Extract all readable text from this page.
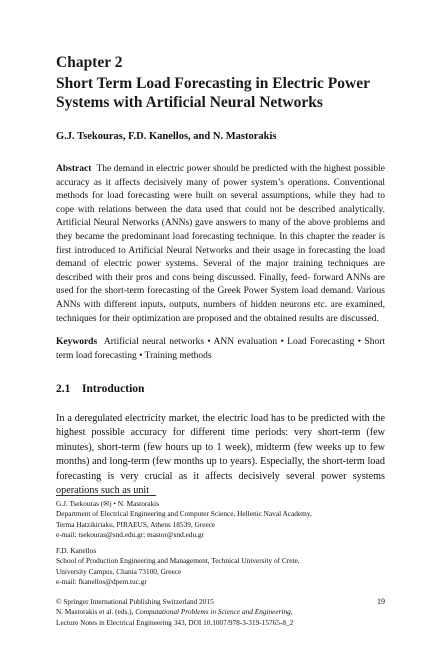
Chapter 2
Short Term Load Forecasting in Electric Power Systems with Artificial Neural Networks
G.J. Tsekouras, F.D. Kanellos, and N. Mastorakis
Abstract The demand in electric power should be predicted with the highest possible accuracy as it affects decisively many of power system’s operations. Conventional methods for load forecasting were built on several assumptions, while they had to cope with relations between the data used that could not be described analytically. Artificial Neural Networks (ANNs) gave answers to many of the above problems and they became the predominant load forecasting technique. In this chapter the reader is first introduced to Artificial Neural Networks and their usage in forecasting the load demand of electric power systems. Several of the major training techniques are described with their pros and cons being discussed. Finally, feed- forward ANNs are used for the short-term forecasting of the Greek Power System load demand. Various ANNs with different inputs, outputs, numbers of hidden neurons etc. are examined, techniques for their optimization are proposed and the obtained results are discussed.
Keywords Artificial neural networks • ANN evaluation • Load Forecasting • Short term load forecasting • Training methods
2.1 Introduction
In a deregulated electricity market, the electric load has to be predicted with the highest possible accuracy for different time periods: very short-term (few minutes), short-term (few hours up to 1 week), midterm (few weeks up to few months) and long-term (few months up to years). Especially, the short-term load forecasting is very crucial as it affects decisively several power systems operations such as unit
G.J. Tsekouras (✉) • N. Mastorakis
Department of Electrical Engineering and Computer Science, Hellenic Naval Academy,
Terma Hatzikiriaku, PIRAEUS, Athens 18539, Greece
e-mail: tsekouras@snd.edu.gr; mastor@snd.edu.gr
F.D. Kanellos
School of Production Engineering and Management, Technical University of Crete,
University Campus, Chania 73100, Greece
e-mail: fkanellos@dpem.tuc.gr
© Springer International Publishing Switzerland 2015
N. Mastorakis et al. (eds.), Computational Problems in Science and Engineering,
Lecture Notes in Electrical Engineering 343, DOI 10.1007/978-3-319-15765-8_2
19
